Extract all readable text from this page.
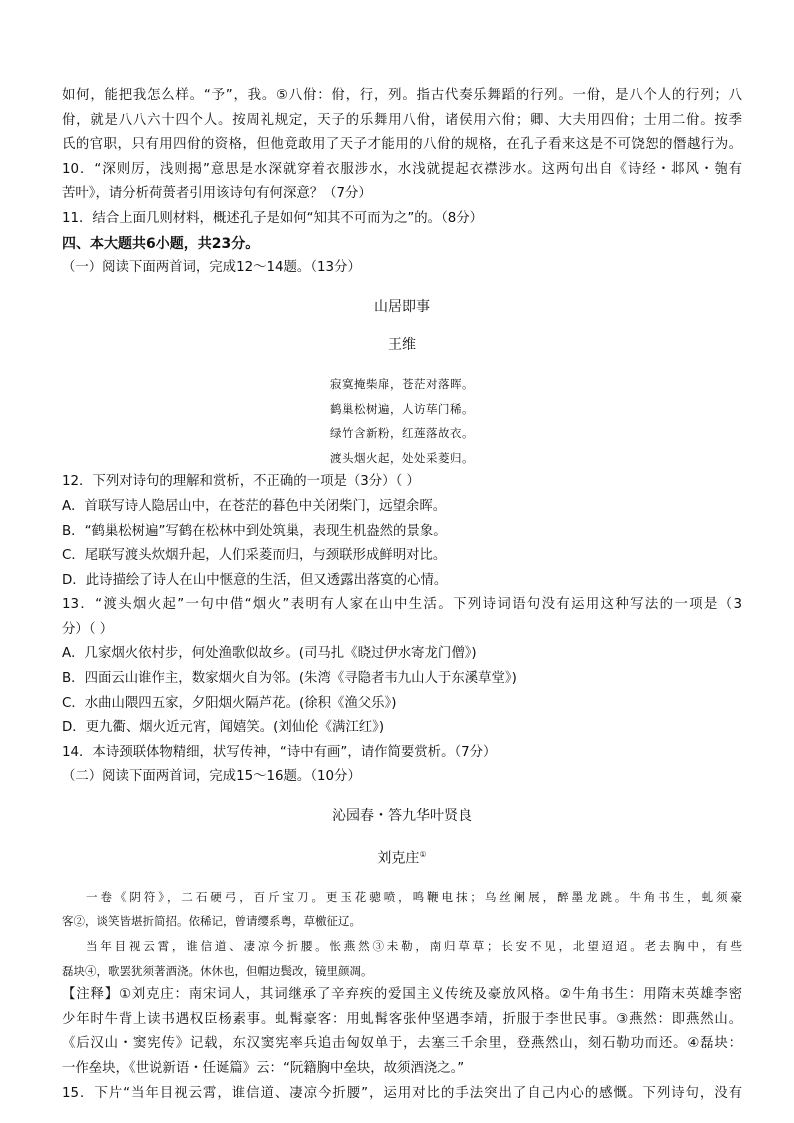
如何，能把我怎么样。“予”，我。⑤八佾：佾，行，列。指古代奏乐舞蹈的行列。一佾，是八个人的行列；八

佾，就是八八六十四个人。按周礼规定，天子的乐舞用八佾，诸侯用六佾；卿、大夫用四佾；士用二佾。按季

氏的官职，只有用四佾的资格，但他竟敢用了天子才能用的八佾的规格，在孔子看来这是不可饶恕的僭越行为。

10．“深则厉，浅则揭”意思是水深就穿着衣服涉水，水浅就提起衣襟涉水。这两句出自《诗经・邶风・匏有

苦叶》，请分析荷蒉者引用该诗句有何深意？（7分）

11．结合上面几则材料，概述孔子是如何“知其不可而为之”的。（8分）

四、本大题共6小题，共23分。

（一）阅读下面两首词，完成12～14题。（13分）

山居即事

王维

寂寞掩柴扉，苍茫对落晖。

鹤巢松树遍，人访荜门稀。

绿竹含新粉，红莲落故衣。

渡头烟火起，处处采菱归。

12．下列对诗句的理解和赏析，不正确的一项是（3分）（ ）

A．首联写诗人隐居山中，在苍茫的暮色中关闭柴门，远望余晖。

B．“鹤巢松树遍”写鹤在松林中到处筑巢，表现生机盎然的景象。

C．尾联写渡头炊烟升起，人们采菱而归，与颈联形成鲜明对比。

D．此诗描绘了诗人在山中惬意的生活，但又透露出落寞的心情。

13．“渡头烟火起”一句中借“烟火”表明有人家在山中生活。下列诗词语句没有运用这种写法的一项是（3

分）（ ）

A．几家烟火依村步，何处渔歌似故乡。(司马扎《晓过伊水寄龙门僧》)

B．四面云山谁作主，数家烟火自为邻。(朱湾《寻隐者韦九山人于东溪草堂》)

C．水曲山隈四五家，夕阳烟火隔芦花。(徐积《渔父乐》)

D．更九衢、烟火近元宵，闻嬉笑。(刘仙伦《满江红》)

14．本诗颈联体物精细，状写传神，“诗中有画”，请作简要赏析。（7分）

（二）阅读下面两首词，完成15～16题。（10分）

沁园春・答九华叶贤良

刘克庄①

一卷《阴符》，二石硬弓，百斤宝刀。更玉花骢喷，鸣鞭电抹；乌丝阑展，醉墨龙跳。牛角书生，虬须豪

客②，谈笑皆堪折简招。依稀记，曾请缨系粤，草檄征辽。

当年目视云霄，谁信道、凄凉今折腰。怅燕然③未勒，南归草草；长安不见，北望迢迢。老去胸中，有些

磊块④，歌罢犹须著酒浇。休休也，但帽边鬓改，镜里颜凋。

【注释】①刘克庄：南宋词人，其词继承了辛弃疾的爱国主义传统及豪放风格。②牛角书生：用隋末英雄李密

少年时牛背上读书遇权臣杨素事。虬髯豪客：用虬髯客张仲坚遇李靖，折服于李世民事。③燕然：即燕然山。

《后汉山・窦宪传》记载，东汉窦宪率兵追击匈奴单于，去塞三千余里，登燕然山，刻石勒功而还。④磊块：

一作垒块，《世说新语・任诞篇》云：“阮籍胸中垒块，故须酒浇之。”

15．下片“当年目视云霄，谁信道、凄凉今折腰”，运用对比的手法突出了自己内心的感慨。下列诗句，没有
